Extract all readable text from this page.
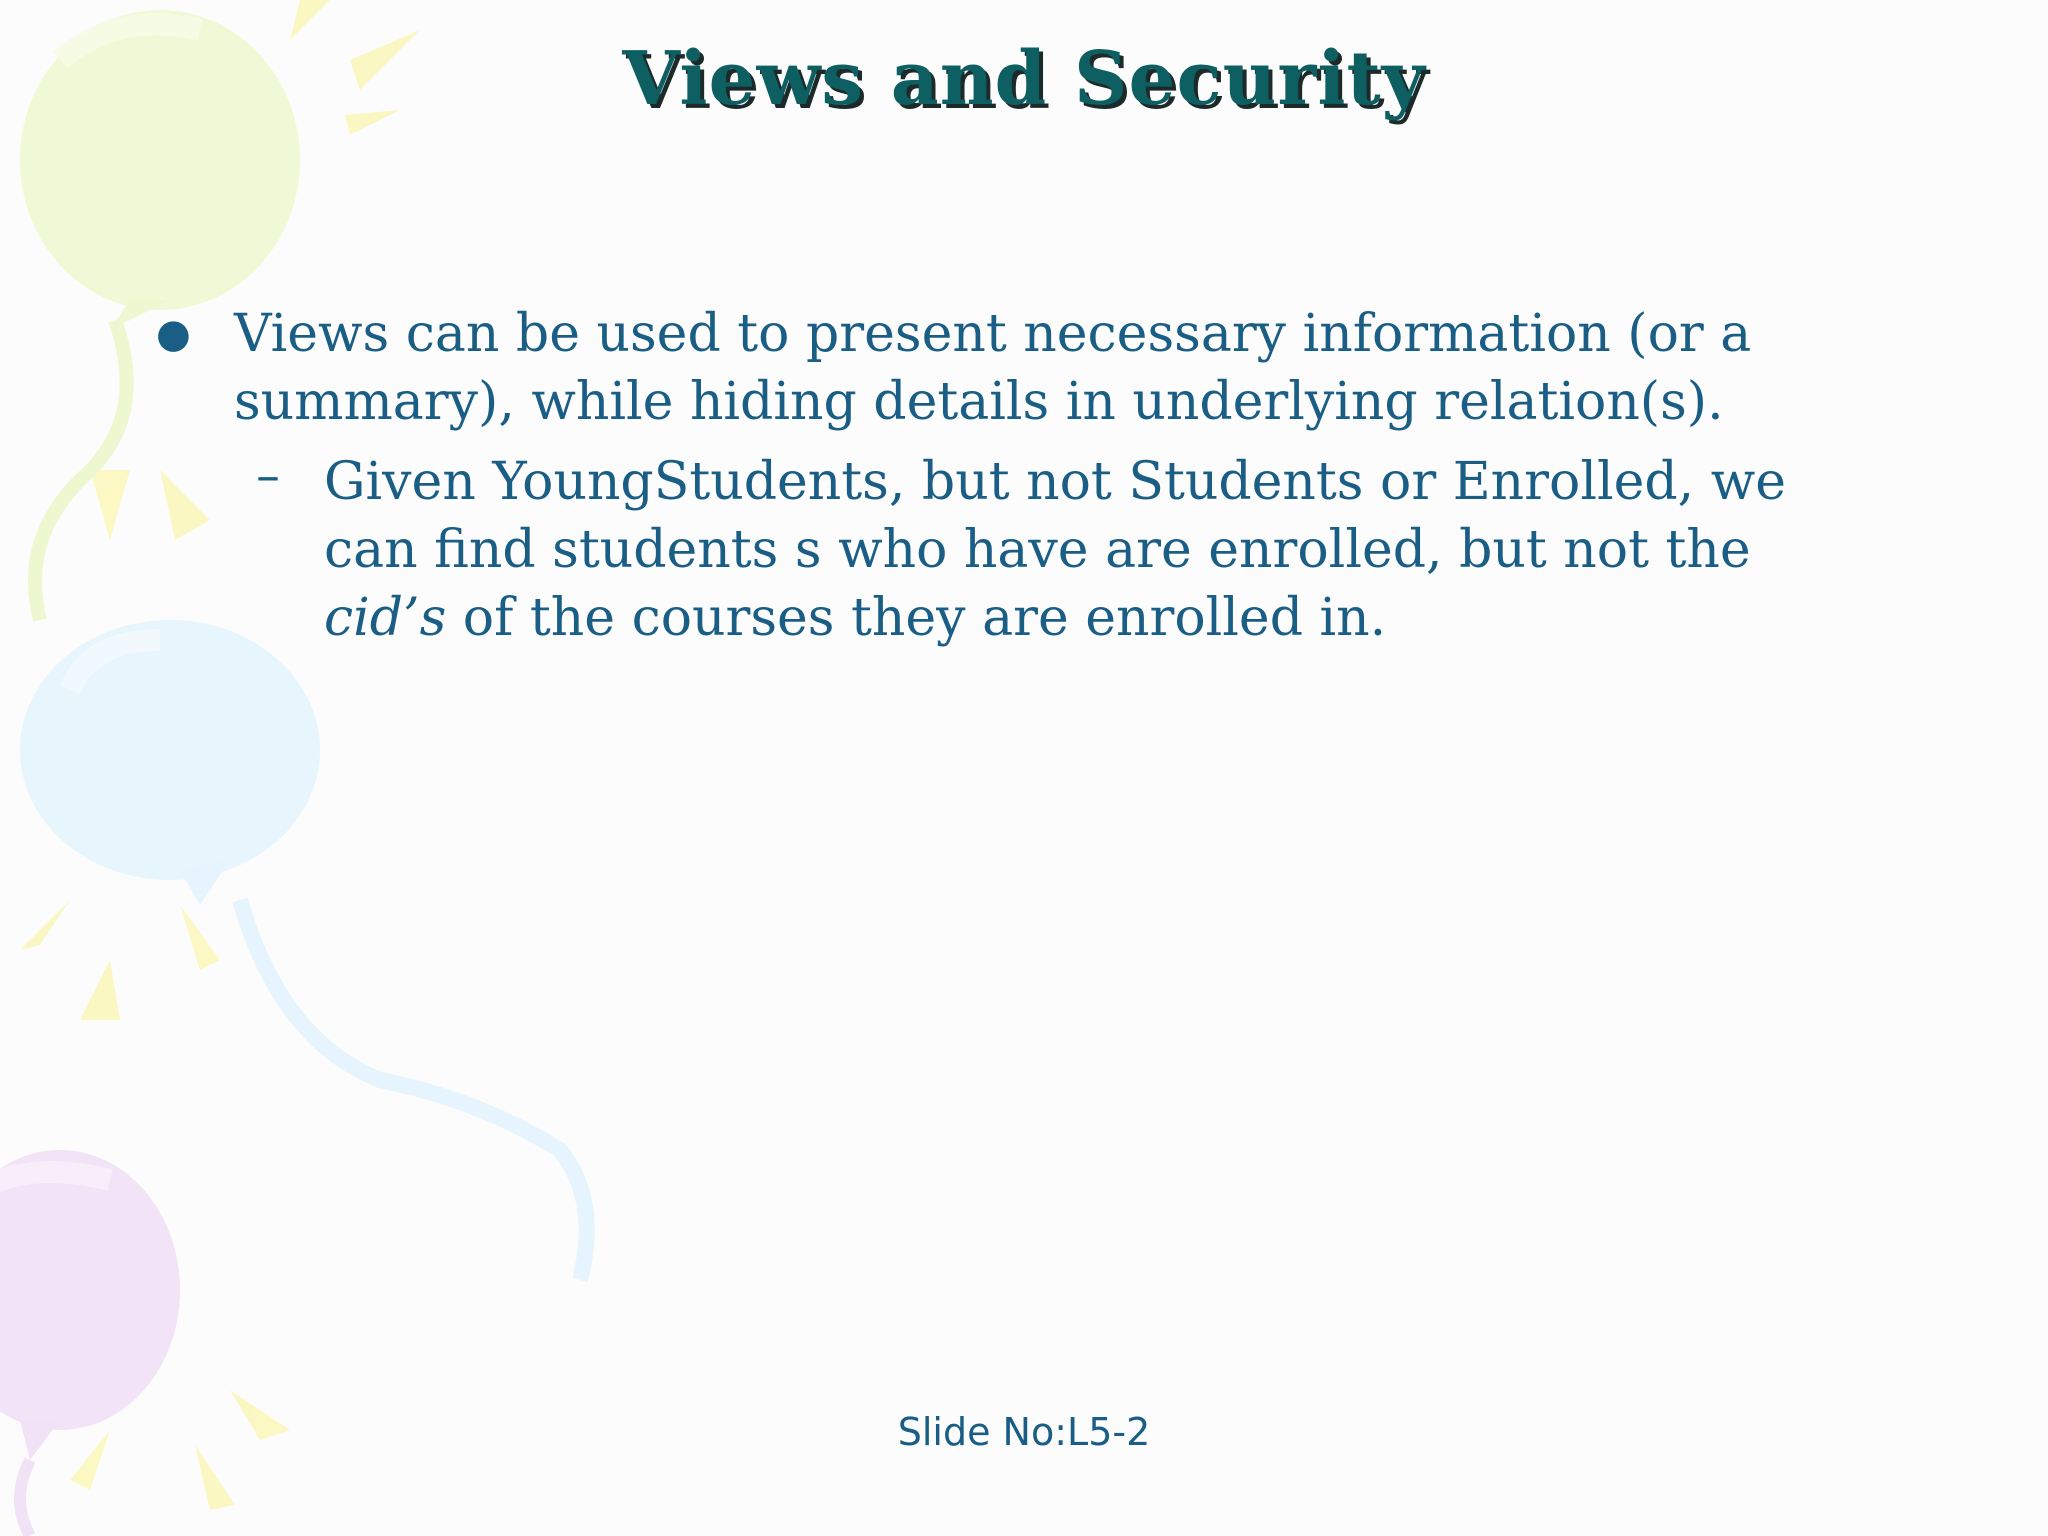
Views and Security
● Views can be used to present necessary information (or a summary), while hiding details in underlying relation(s).
– Given YoungStudents, but not Students or Enrolled, we can find students s who have are enrolled, but not the cid’s of the courses they are enrolled in.
Slide No:L5-2
